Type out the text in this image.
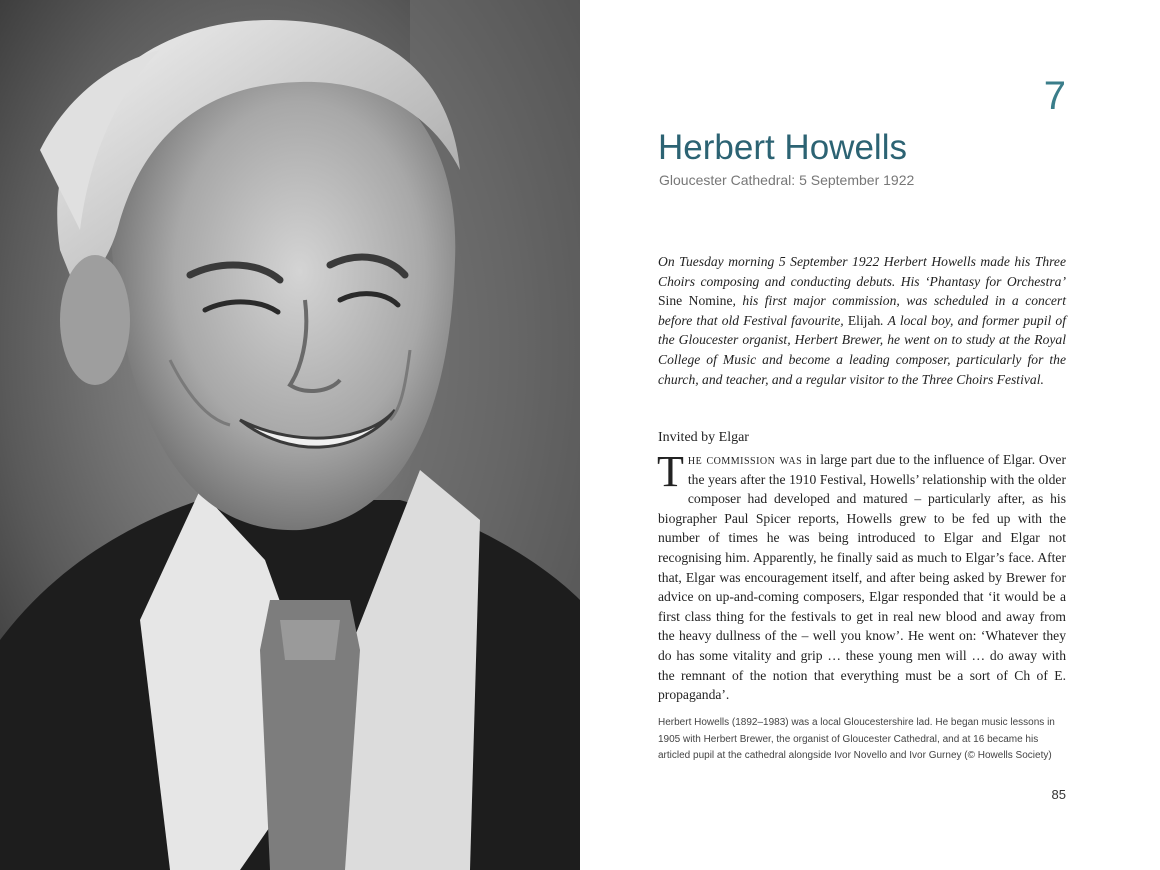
7
Herbert Howells
Gloucester Cathedral: 5 September 1922

On Tuesday morning 5 September 1922 Herbert Howells made his Three Choirs composing and conducting debuts. His ‘Phantasy for Orchestra’ Sine Nomine, his first major commission, was scheduled in a concert before that old Festival favourite, Elijah. A local boy, and former pupil of the Gloucester organist, Herbert Brewer, he went on to study at the Royal College of Music and become a leading composer, particularly for the church, and teacher, and a regular visitor to the Three Choirs Festival.

Invited by Elgar

The commission was in large part due to the influence of Elgar. Over the years after the 1910 Festival, Howells’ relationship with the older composer had developed and matured – particularly after, as his biographer Paul Spicer reports, Howells grew to be fed up with the number of times he was being introduced to Elgar and Elgar not recognising him. Apparently, he finally said as much to Elgar’s face. After that, Elgar was encouragement itself, and after being asked by Brewer for advice on up-and-coming composers, Elgar responded that ‘it would be a first class thing for the festivals to get in real new blood and away from the heavy dullness of the – well you know’. He went on: ‘Whatever they do has some vitality and grip … these young men will … do away with the remnant of the notion that everything must be a sort of Ch of E. propaganda’.

Herbert Howells (1892–1983) was a local Gloucestershire lad. He began music lessons in 1905 with Herbert Brewer, the organist of Gloucester Cathedral, and at 16 became his articled pupil at the cathedral alongside Ivor Novello and Ivor Gurney (© Howells Society)

85
